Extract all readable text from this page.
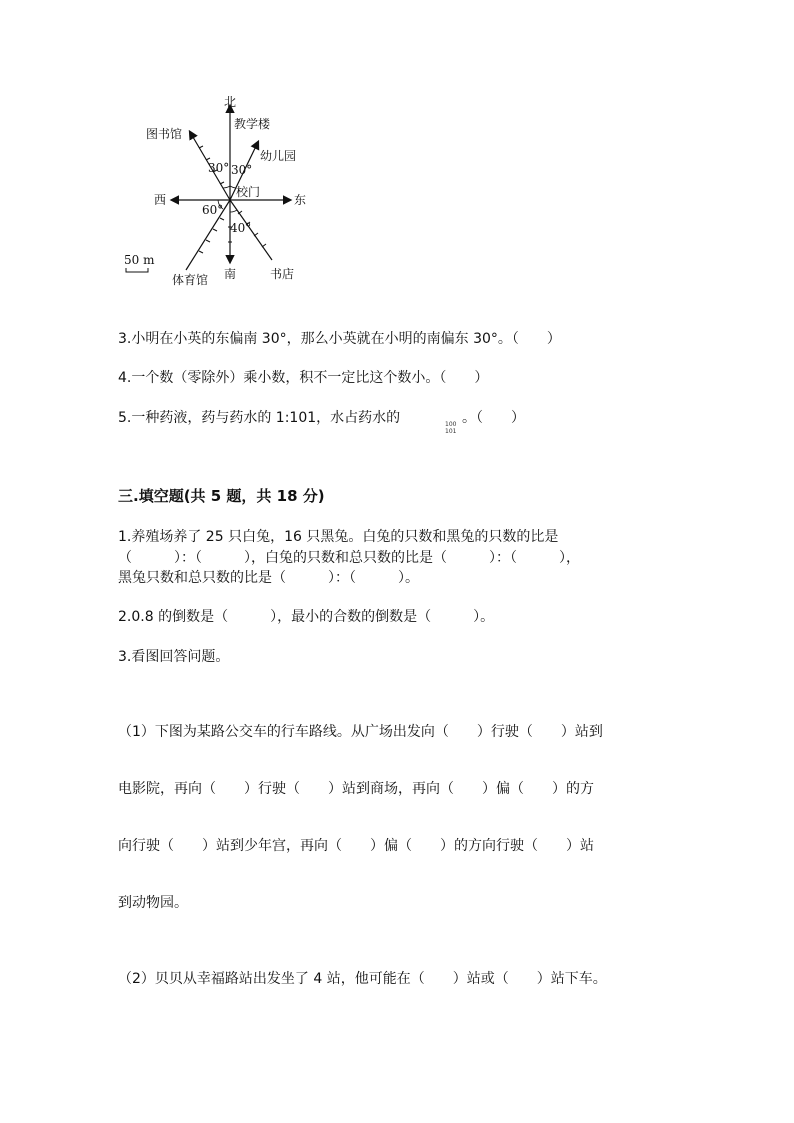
北
教学楼
图书馆
幼儿园
30° 30°
校门
西	东
60°
40°
50 m
体育馆 南	书店
3.小明在小英的东偏南 30°，那么小英就在小明的南偏东 30°。（　　）
4.一个数（零除外）乘小数，积不一定比这个数小。（　　）
5.一种药液，药与药水的 1:101，水占药水的	100
101
。（　　）
三.填空题(共 5 题，共 18 分)
1.养殖场养了 25 只白兔，16 只黑兔。白兔的只数和黑兔的只数的比是
（　　　）：（　　　），白兔的只数和总只数的比是（　　　）：（　　　），
黑兔只数和总只数的比是（　　　）：（　　　）。
2.0.8 的倒数是（　　　），最小的合数的倒数是（　　　）。
3.看图回答问题。
（1）下图为某路公交车的行车路线。从广场出发向（　　）行驶（　　）站到
电影院，再向（　　）行驶（　　）站到商场，再向（　　）偏（　　）的方
向行驶（　　）站到少年宫，再向（　　）偏（　　）的方向行驶（　　）站
到动物园。
（2）贝贝从幸福路站出发坐了 4 站，他可能在（　　）站或（　　）站下车。
